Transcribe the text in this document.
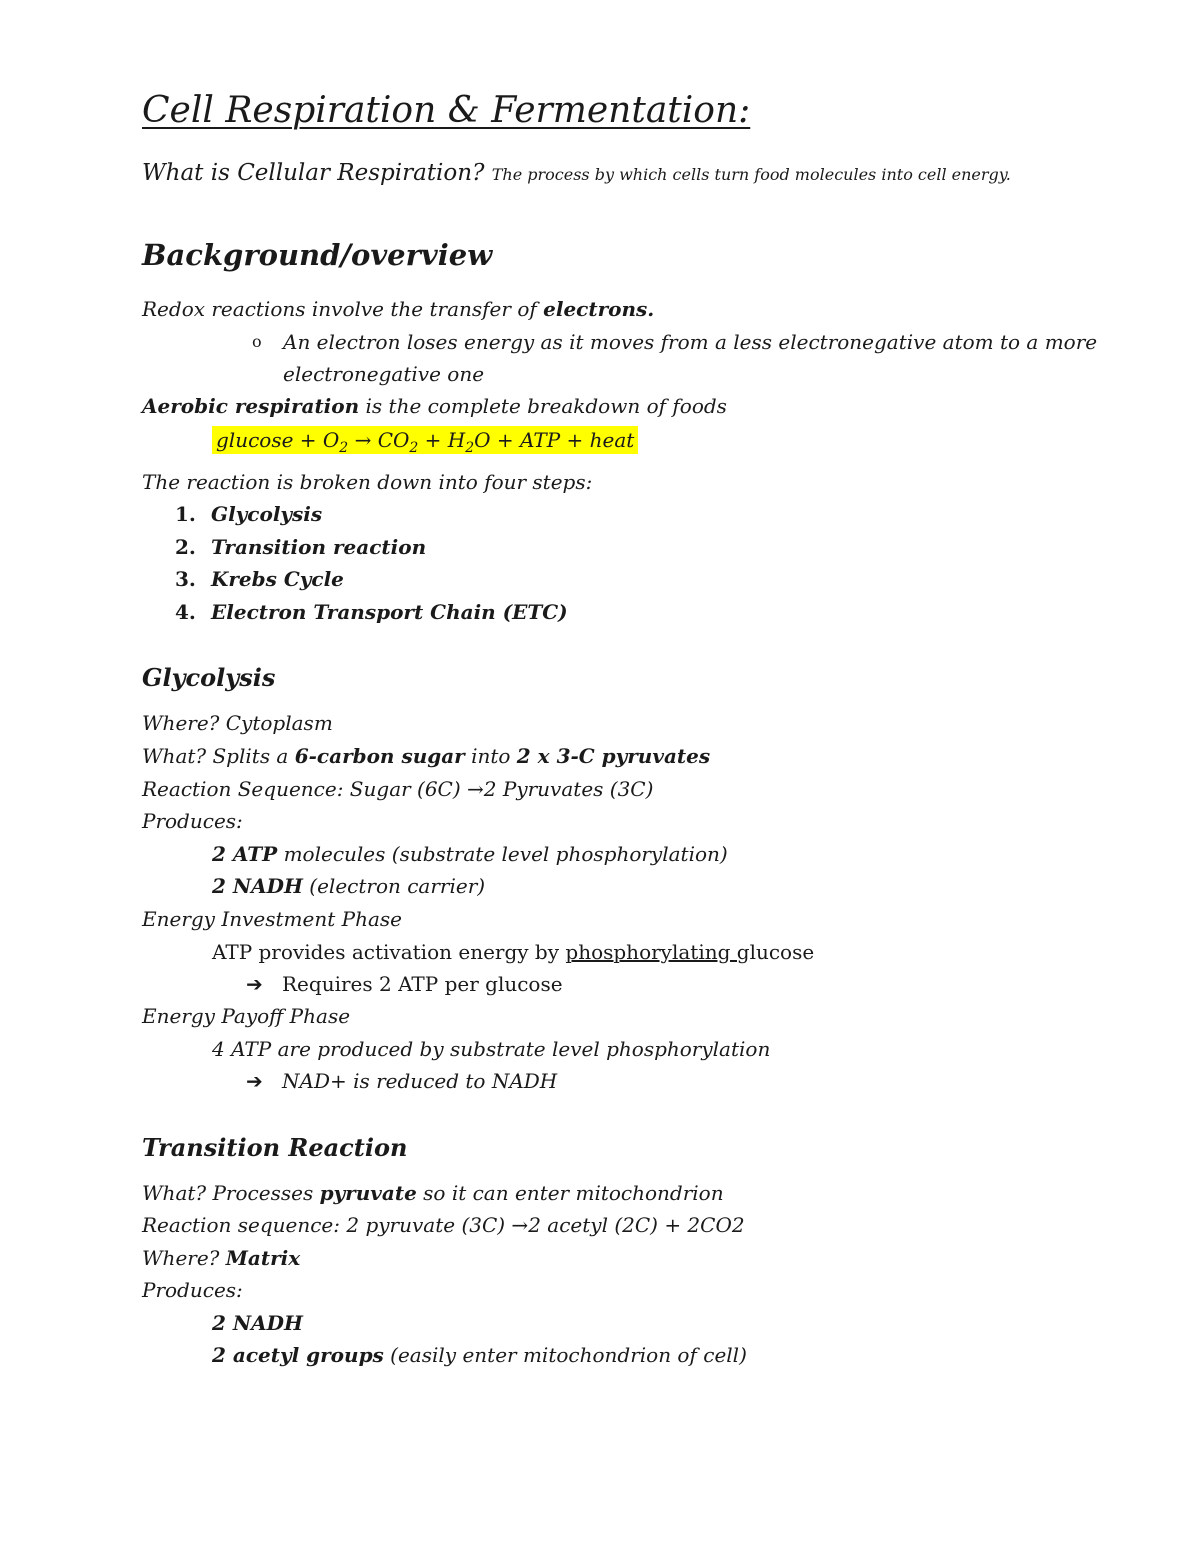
Cell Respiration & Fermentation:
What is Cellular Respiration? The process by which cells turn food molecules into cell energy.
Background/overview
Redox reactions involve the transfer of electrons.
o An electron loses energy as it moves from a less electronegative atom to a more
electronegative one
Aerobic respiration is the complete breakdown of foods
$glucose + O_2 \to CO_2 + H_2O$ + ATP + heat
The reaction is broken down into four steps:
1. Glycolysis
2. Transition reaction
3. Krebs Cycle
4. Electron Transport Chain (ETC)
Glycolysis
Where? Cytoplasm
What? Splits a 6-carbon sugar into 2 x 3-C pyruvates
Reaction Sequence: Sugar (6C) →2 Pyruvates (3C)
Produces:
2 ATP molecules (substrate level phosphorylation)
2 NADH (electron carrier)
Energy Investment Phase
ATP provides activation energy by phosphorylating glucose
➔ Requires 2 ATP per glucose
Energy Payoff Phase
4 ATP are produced by substrate level phosphorylation
➔ NAD+ is reduced to NADH
Transition Reaction
What? Processes pyruvate so it can enter mitochondrion
Reaction sequence: 2 pyruvate (3C) →2 acetyl (2C) + 2CO2
Where? Matrix
Produces:
2 NADH
2 acetyl groups (easily enter mitochondrion of cell)
